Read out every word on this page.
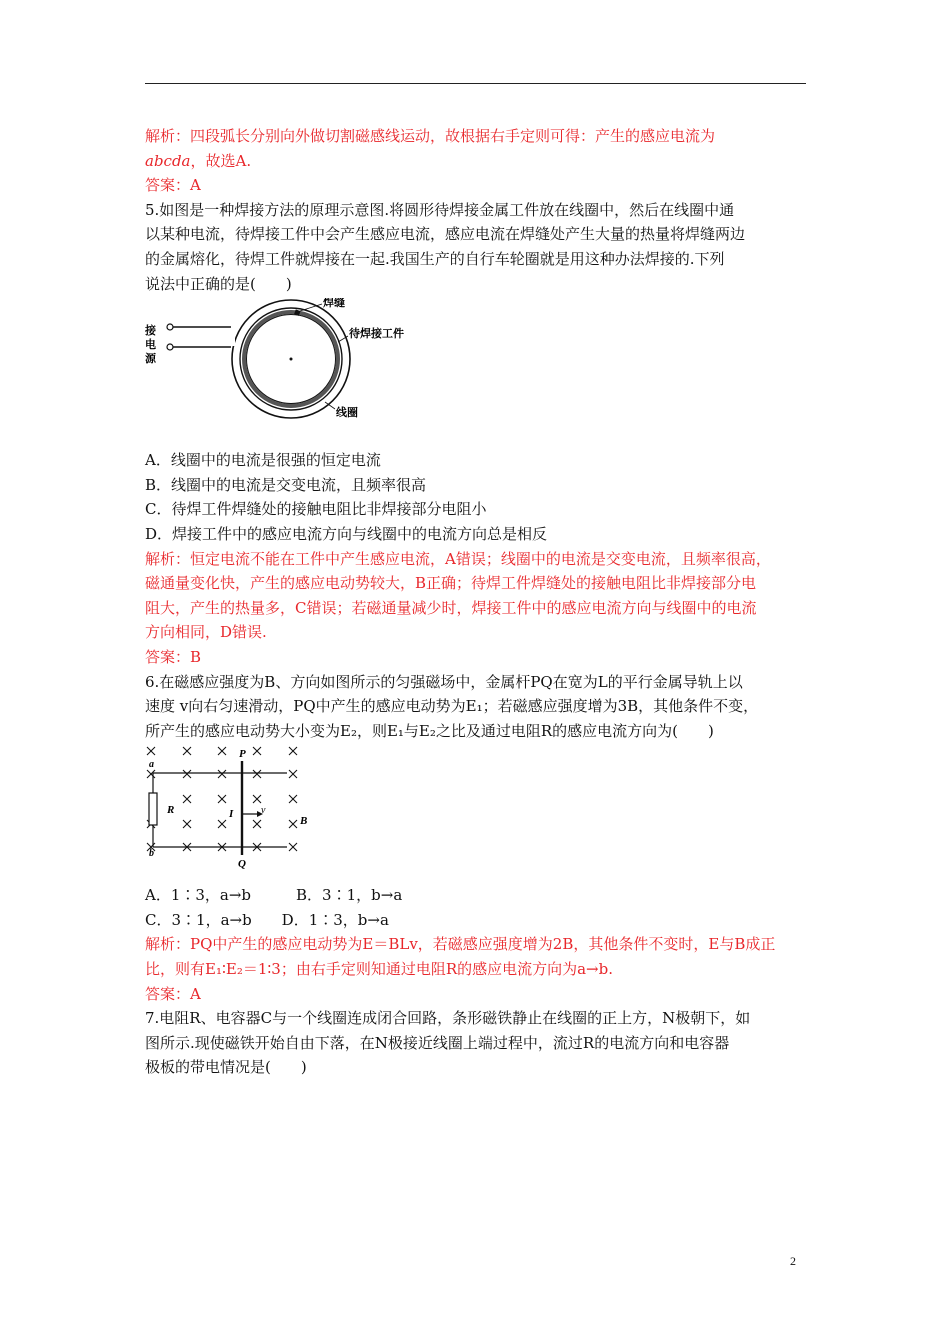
解析：四段弧长分别向外做切割磁感线运动，故根据右手定则可得：产生的感应电流为
abcda，故选A.
答案：A
5.如图是一种焊接方法的原理示意图.将圆形待焊接金属工件放在线圈中，然后在线圈中通
以某种电流，待焊接工件中会产生感应电流，感应电流在焊缝处产生大量的热量将焊缝两边
的金属熔化，待焊工件就焊接在一起.我国生产的自行车轮圈就是用这种办法焊接的.下列
说法中正确的是(　　)
焊缝
待焊接工件
线圈
接
电
源
A．线圈中的电流是很强的恒定电流
B．线圈中的电流是交变电流，且频率很高
C．待焊工件焊缝处的接触电阻比非焊接部分电阻小
D．焊接工件中的感应电流方向与线圈中的电流方向总是相反
解析：恒定电流不能在工件中产生感应电流，A错误；线圈中的电流是交变电流，且频率很高，
磁通量变化快，产生的感应电动势较大，B正确；待焊工件焊缝处的接触电阻比非焊接部分电
阻大，产生的热量多，C错误；若磁通量减少时，焊接工件中的感应电流方向与线圈中的电流
方向相同，D错误.
答案：B
6.在磁感应强度为B、方向如图所示的匀强磁场中，金属杆PQ在宽为L的平行金属导轨上以
速度 v向右匀速滑动，PQ中产生的感应电动势为E₁；若磁感应强度增为3B，其他条件不变，
所产生的感应电动势大小变为E₂，则E₁与E₂之比及通过电阻R的感应电流方向为(　　)
P
Q
a
b
R	I	v
B
A．1∶3，a→b　　　B．3∶1，b→a
C．3∶1，a→b　　D．1∶3，b→a
解析：PQ中产生的感应电动势为E＝BLv，若磁感应强度增为2B，其他条件不变时，E与B成正
比，则有E₁∶E₂＝1∶3；由右手定则知通过电阻R的感应电流方向为a→b.
答案：A
7.电阻R、电容器C与一个线圈连成闭合回路，条形磁铁静止在线圈的正上方，N极朝下，如
图所示.现使磁铁开始自由下落，在N极接近线圈上端过程中，流过R的电流方向和电容器
极板的带电情况是(　　)
2
